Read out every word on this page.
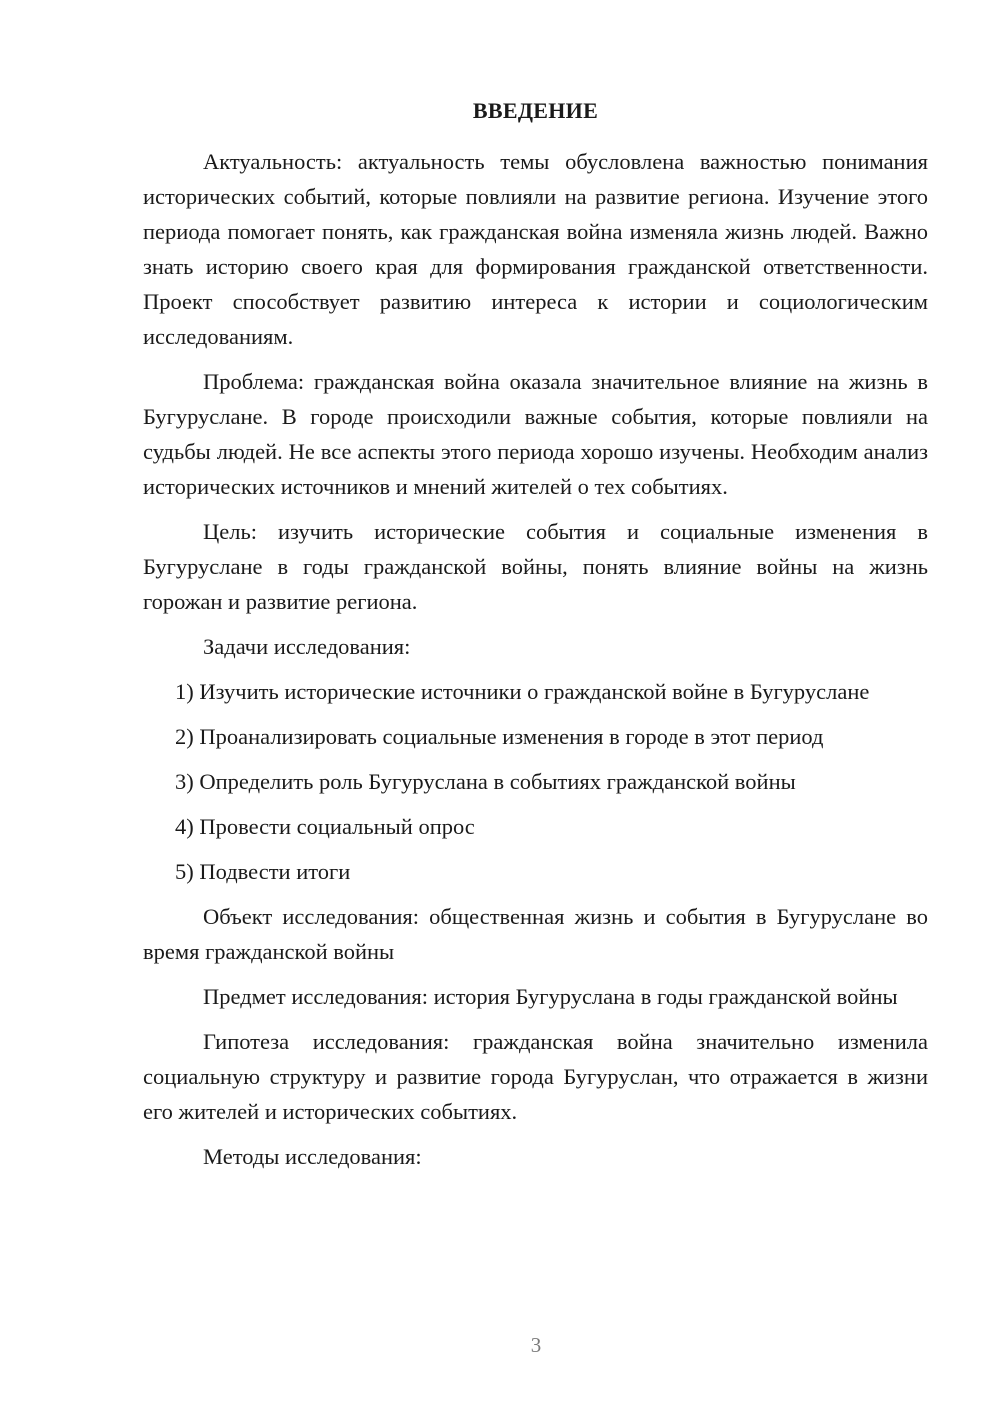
ВВЕДЕНИЕ

Актуальность: актуальность темы обусловлена важностью понимания исторических событий, которые повлияли на развитие региона. Изучение этого периода помогает понять, как гражданская война изменяла жизнь людей. Важно знать историю своего края для формирования гражданской ответственности. Проект способствует развитию интереса к истории и социологическим исследованиям.

Проблема: гражданская война оказала значительное влияние на жизнь в Бугуруслане. В городе происходили важные события, которые повлияли на судьбы людей. Не все аспекты этого периода хорошо изучены. Необходим анализ исторических источников и мнений жителей о тех событиях.

Цель: изучить исторические события и социальные изменения в Бугуруслане в годы гражданской войны, понять влияние войны на жизнь горожан и развитие региона.

Задачи исследования:

1) Изучить исторические источники о гражданской войне в Бугуруслане

2) Проанализировать социальные изменения в городе в этот период

3) Определить роль Бугуруслана в событиях гражданской войны

4) Провести социальный опрос

5) Подвести итоги

Объект исследования: общественная жизнь и события в Бугуруслане во время гражданской войны

Предмет исследования: история Бугуруслана в годы гражданской войны

Гипотеза исследования: гражданская война значительно изменила социальную структуру и развитие города Бугуруслан, что отражается в жизни его жителей и исторических событиях.

Методы исследования:

3
